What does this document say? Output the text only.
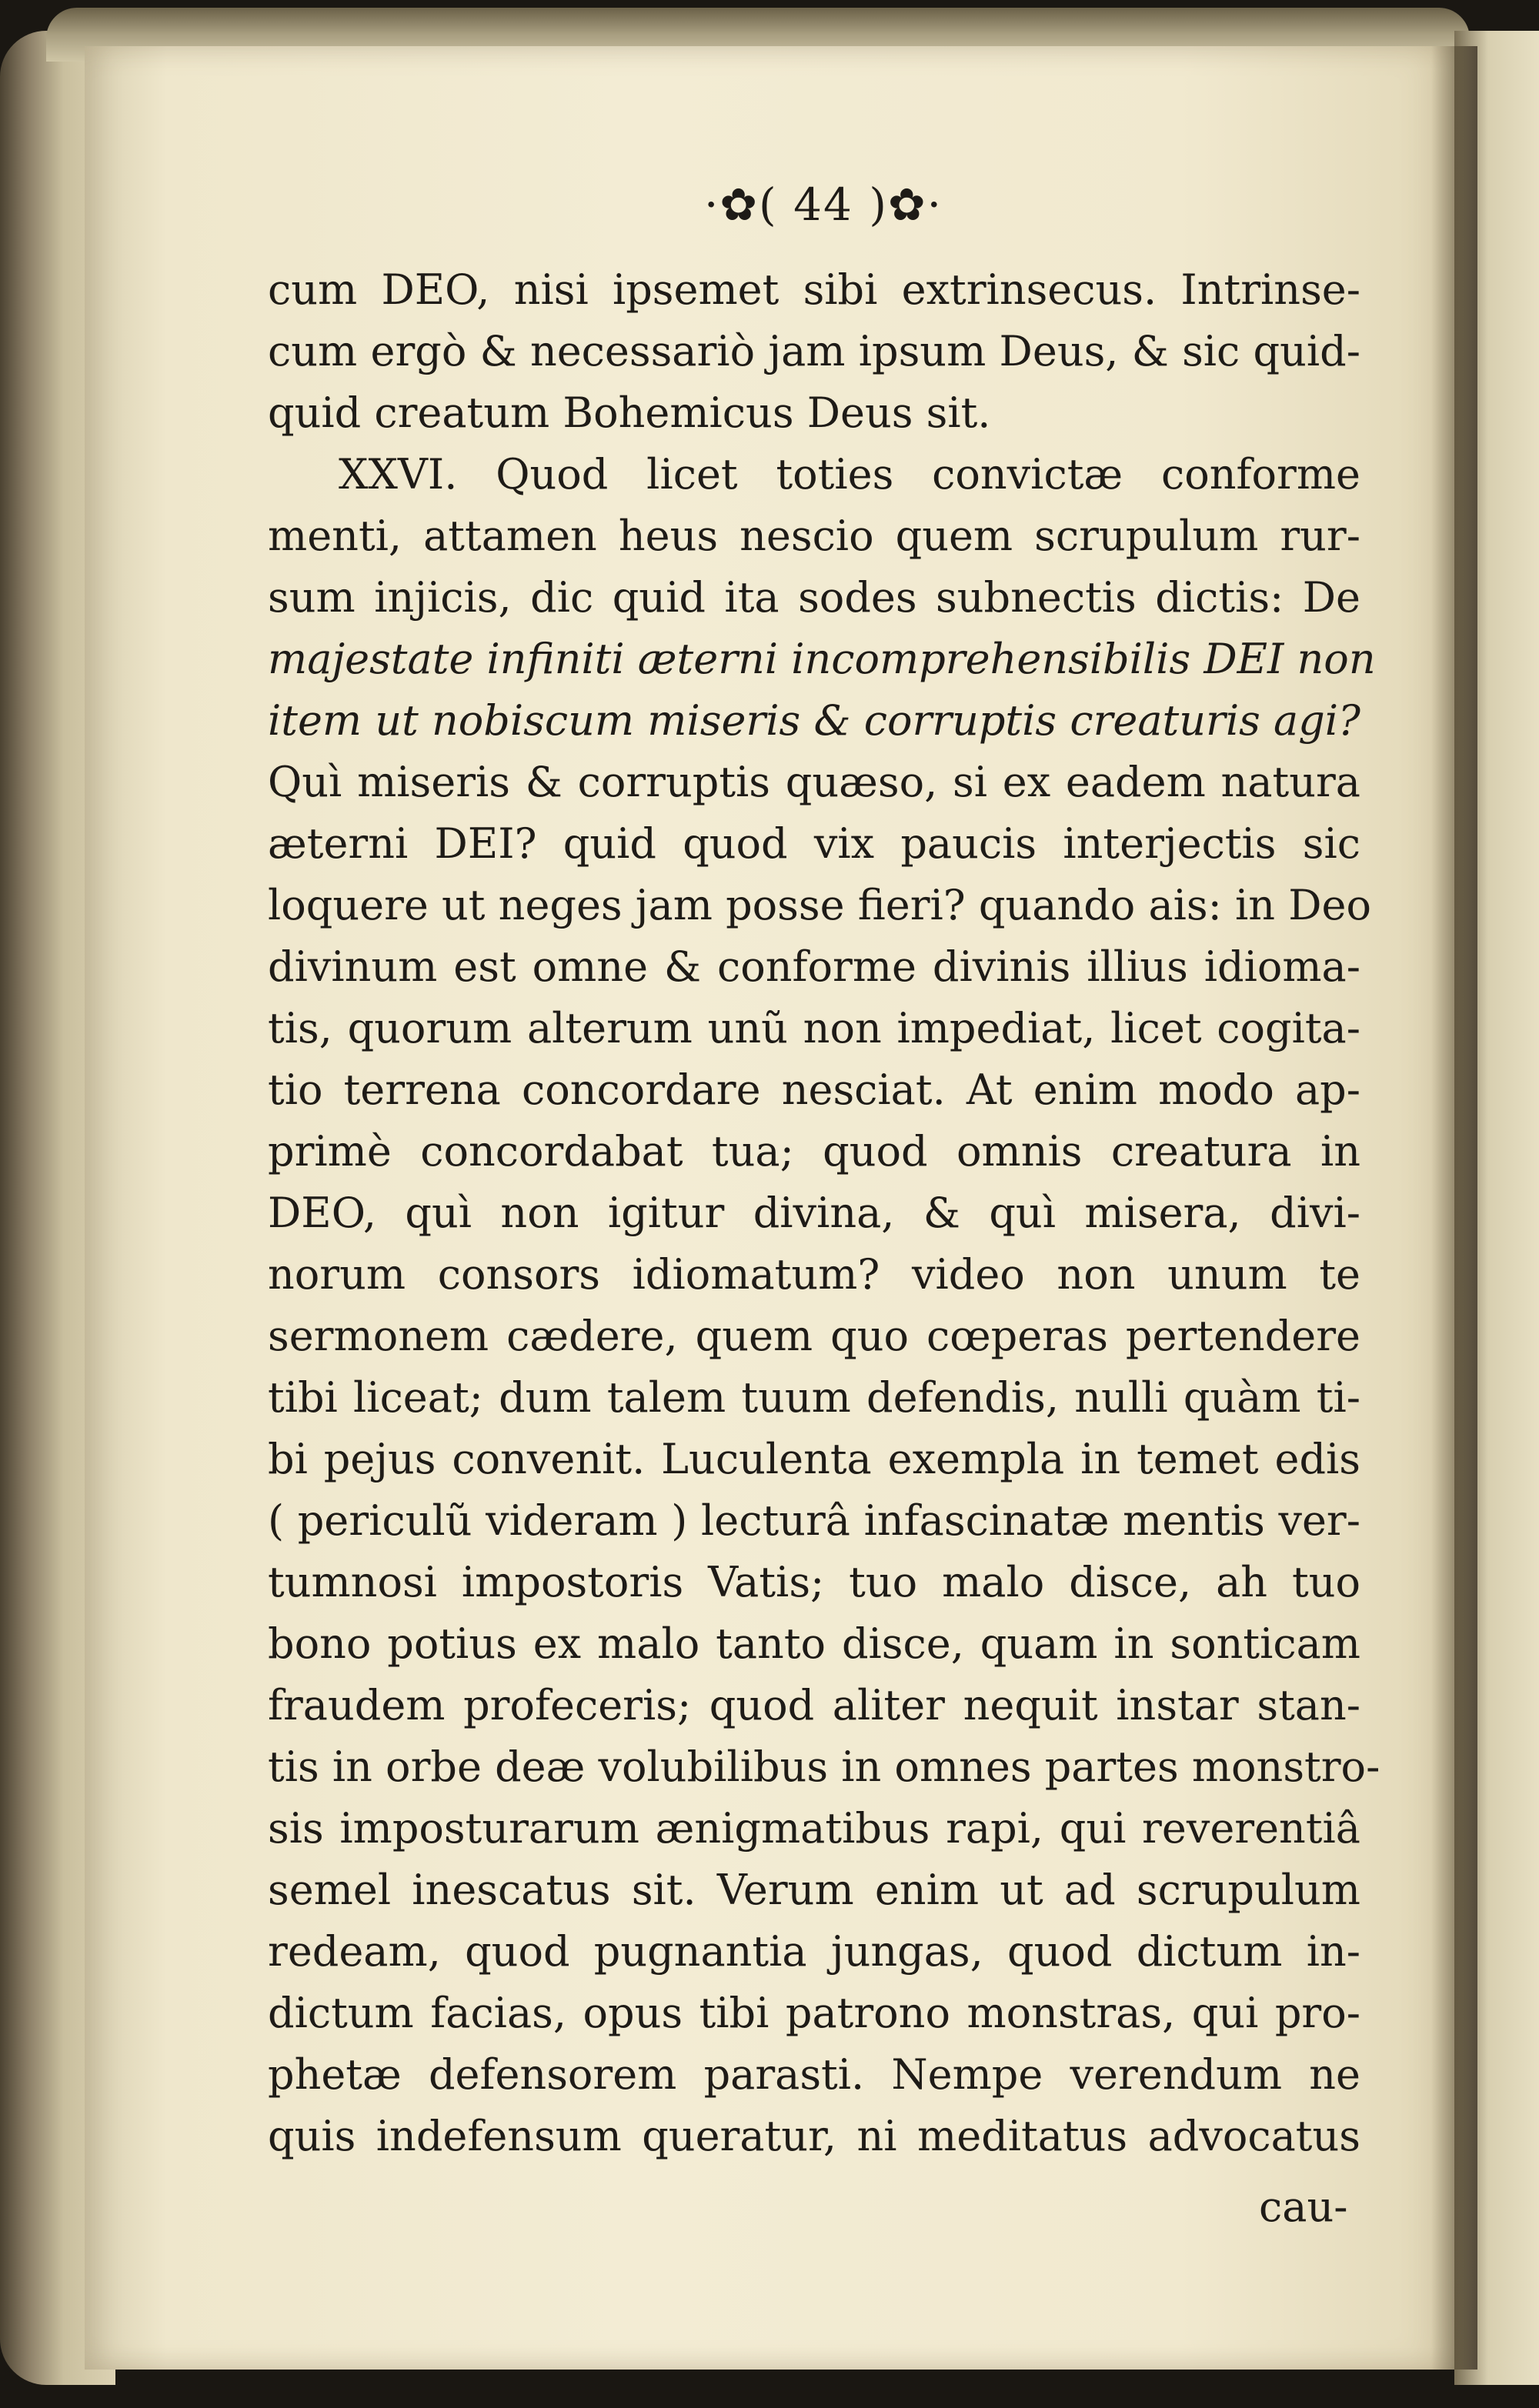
·✿( 44 )✿·
cum DEO, nisi ipsemet sibi extrinsecus. Intrinse-
cum ergò & necessariò jam ipsum Deus, & sic quid-
quid creatum Bohemicus Deus sit.
XXVI. Quod licet toties convictæ conforme
menti, attamen heus nescio quem scrupulum rur-
sum injicis, dic quid ita sodes subnectis dictis: De
majestate infiniti æterni incomprehensibilis DEI non
item ut nobiscum miseris & corruptis creaturis agi?
Quì miseris & corruptis quæso, si ex eadem natura
æterni DEI? quid quod vix paucis interjectis sic
loquere ut neges jam posse fieri? quando ais: in Deo
divinum est omne & conforme divinis illius idioma-
tis, quorum alterum unũ non impediat, licet cogita-
tio terrena concordare nesciat. At enim modo ap-
primè concordabat tua; quod omnis creatura in
DEO, quì non igitur divina, & quì misera, divi-
norum consors idiomatum? video non unum te
sermonem cædere, quem quo cœperas pertendere
tibi liceat; dum talem tuum defendis, nulli quàm ti-
bi pejus convenit. Luculenta exempla in temet edis
( periculũ videram ) lecturâ infascinatæ mentis ver-
tumnosi impostoris Vatis; tuo malo disce, ah tuo
bono potius ex malo tanto disce, quam in sonticam
fraudem profeceris; quod aliter nequit instar stan-
tis in orbe deæ volubilibus in omnes partes monstro-
sis imposturarum ænigmatibus rapi, qui reverentiâ
semel inescatus sit. Verum enim ut ad scrupulum
redeam, quod pugnantia jungas, quod dictum in-
dictum facias, opus tibi patrono monstras, qui pro-
phetæ defensorem parasti. Nempe verendum ne
quis indefensum queratur, ni meditatus advocatus
cau-
